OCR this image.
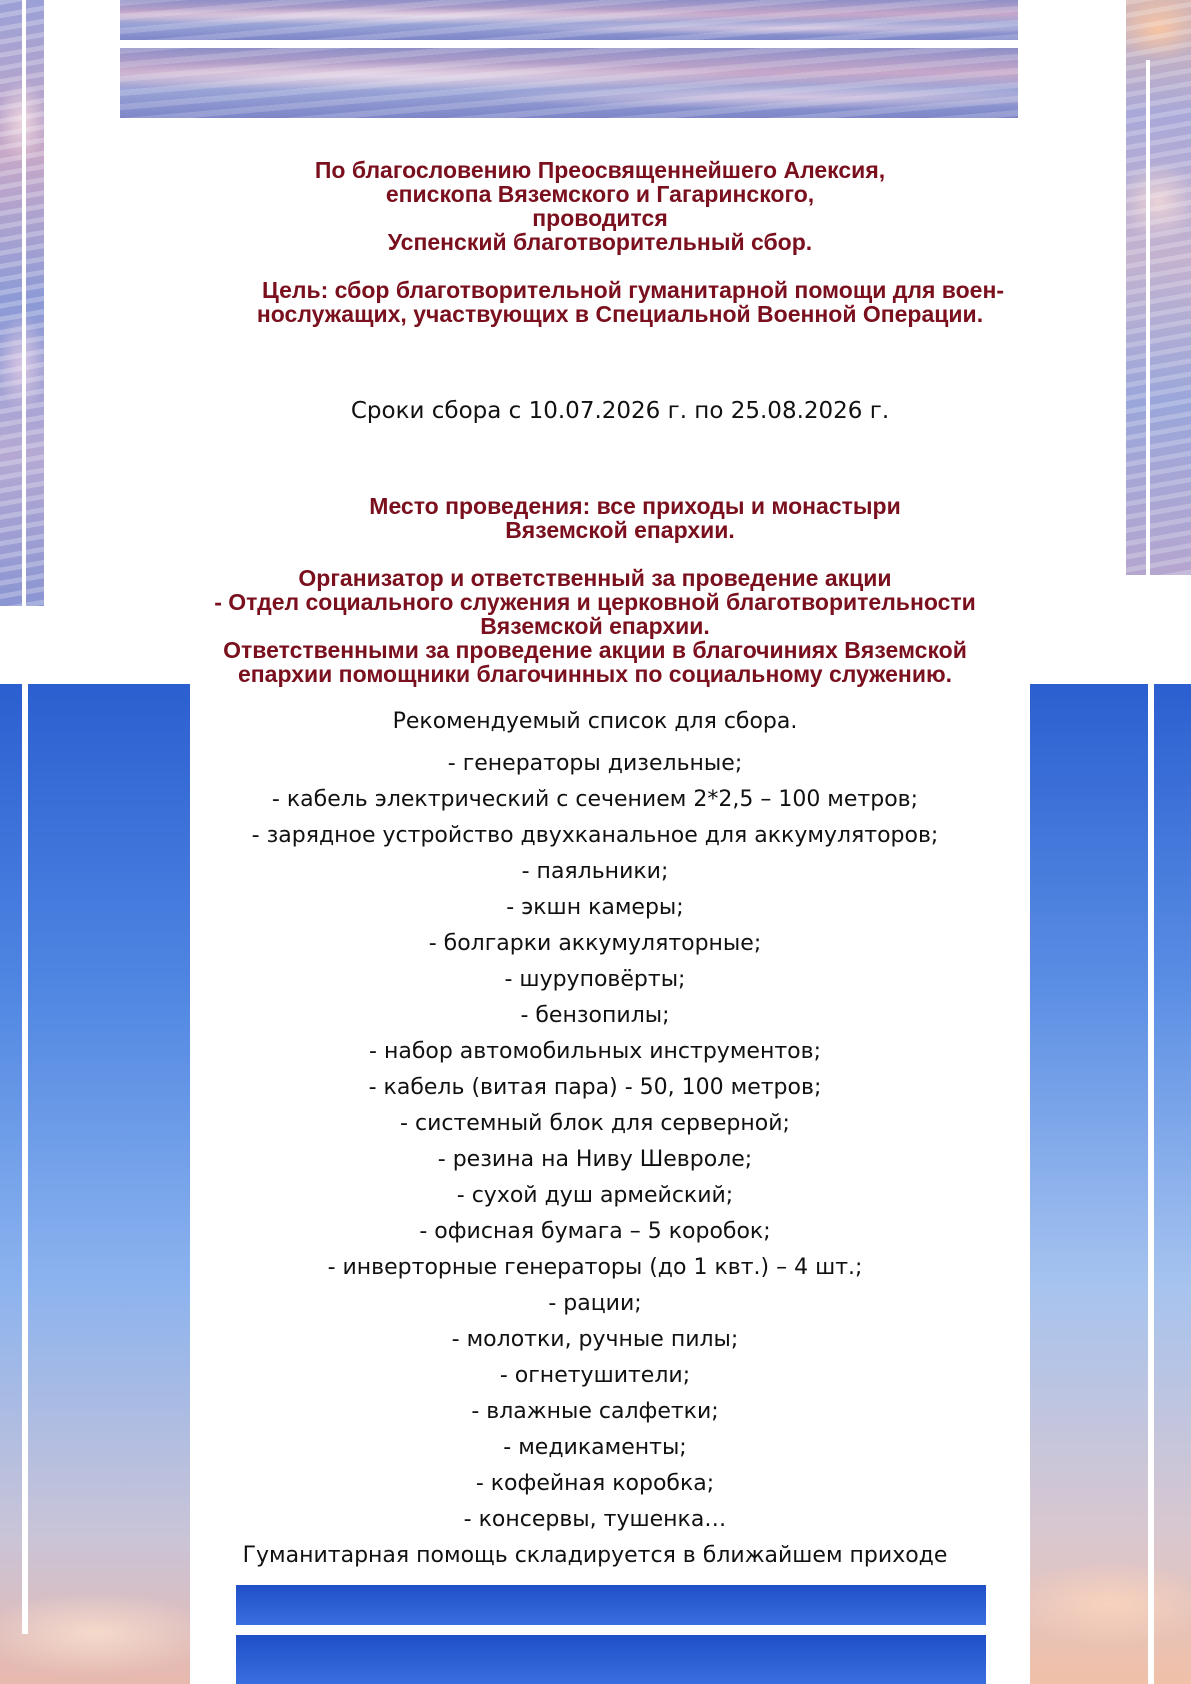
По благословению Преосвященнейшего Алексия,
епископа Вяземского и Гагаринского,
проводится
Успенский благотворительный сбор.
Цель: сбор благотворительной гуманитарной помощи для воен-
нослужащих, участвующих в Специальной Военной Операции.
Сроки сбора с 10.07.2026 г. по 25.08.2026 г.
Место проведения: все приходы и монастыри
Вяземской епархии.
Организатор и ответственный за проведение акции
- Отдел социального служения и церковной благотворительности
Вяземской епархии.
Ответственными за проведение акции в благочиниях Вяземской
епархии помощники благочинных по социальному служению.
Рекомендуемый список для сбора.
- генераторы дизельные;
- кабель электрический с сечением 2*2,5 – 100 метров;
- зарядное устройство двухканальное для аккумуляторов;
- паяльники;
- экшн камеры;
- болгарки аккумуляторные;
- шуруповёрты;
- бензопилы;
- набор автомобильных инструментов;
- кабель (витая пара) - 50, 100 метров;
- системный блок для серверной;
- резина на Ниву Шевроле;
- сухой душ армейский;
- офисная бумага – 5 коробок;
- инверторные генераторы (до 1 квт.) – 4 шт.;
- рации;
- молотки, ручные пилы;
- огнетушители;
- влажные салфетки;
- медикаменты;
- кофейная коробка;
- консервы, тушенка…
Гуманитарная помощь складируется в ближайшем приходе
